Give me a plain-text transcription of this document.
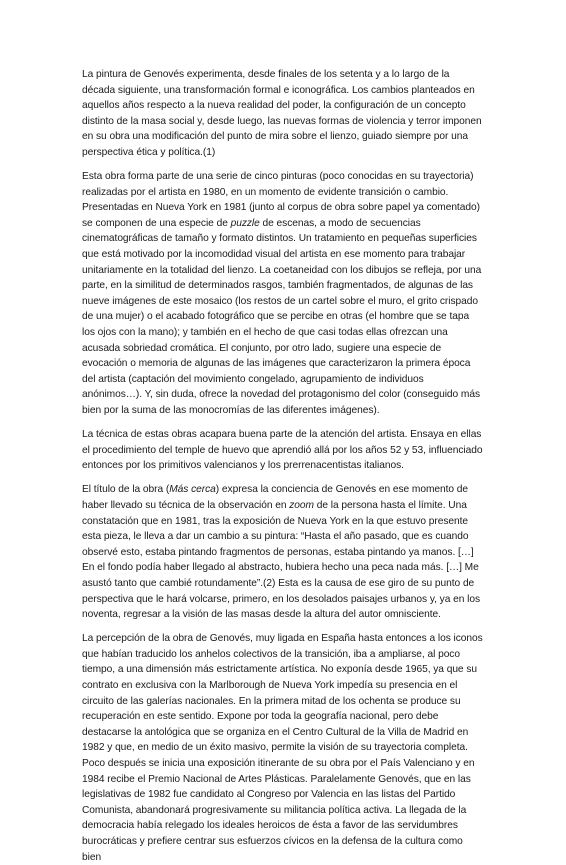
La pintura de Genovés experimenta, desde finales de los setenta y a lo largo de la década siguiente, una transformación formal e iconográfica. Los cambios planteados en aquellos años respecto a la nueva realidad del poder, la configuración de un concepto distinto de la masa social y, desde luego, las nuevas formas de violencia y terror imponen en su obra una modificación del punto de mira sobre el lienzo, guiado siempre por una perspectiva ética y política.(1)

Esta obra forma parte de una serie de cinco pinturas (poco conocidas en su trayectoria) realizadas por el artista en 1980, en un momento de evidente transición o cambio. Presentadas en Nueva York en 1981 (junto al corpus de obra sobre papel ya comentado) se componen de una especie de puzzle de escenas, a modo de secuencias cinematográficas de tamaño y formato distintos. Un tratamiento en pequeñas superficies que está motivado por la incomodidad visual del artista en ese momento para trabajar unitariamente en la totalidad del lienzo. La coetaneidad con los dibujos se refleja, por una parte, en la similitud de determinados rasgos, también fragmentados, de algunas de las nueve imágenes de este mosaico (los restos de un cartel sobre el muro, el grito crispado de una mujer) o el acabado fotográfico que se percibe en otras (el hombre que se tapa los ojos con la mano); y también en el hecho de que casi todas ellas ofrezcan una acusada sobriedad cromática. El conjunto, por otro lado, sugiere una especie de evocación o memoria de algunas de las imágenes que caracterizaron la primera época del artista (captación del movimiento congelado, agrupamiento de individuos anónimos…). Y, sin duda, ofrece la novedad del protagonismo del color (conseguido más bien por la suma de las monocromías de las diferentes imágenes).

La técnica de estas obras acapara buena parte de la atención del artista. Ensaya en ellas el procedimiento del temple de huevo que aprendió allá por los años 52 y 53, influenciado entonces por los primitivos valencianos y los prerrenacentistas italianos.

El título de la obra (Más cerca) expresa la conciencia de Genovés en ese momento de haber llevado su técnica de la observación en zoom de la persona hasta el límite. Una constatación que en 1981, tras la exposición de Nueva York en la que estuvo presente esta pieza, le lleva a dar un cambio a su pintura: “Hasta el año pasado, que es cuando observé esto, estaba pintando fragmentos de personas, estaba pintando ya manos. […] En el fondo podía haber llegado al abstracto, hubiera hecho una peca nada más. […] Me asustó tanto que cambié rotundamente”.(2) Esta es la causa de ese giro de su punto de perspectiva que le hará volcarse, primero, en los desolados paisajes urbanos y, ya en los noventa, regresar a la visión de las masas desde la altura del autor omnisciente.

La percepción de la obra de Genovés, muy ligada en España hasta entonces a los iconos que habían traducido los anhelos colectivos de la transición, iba a ampliarse, al poco tiempo, a una dimensión más estrictamente artística. No exponía desde 1965, ya que su contrato en exclusiva con la Marlborough de Nueva York impedía su presencia en el circuito de las galerías nacionales. En la primera mitad de los ochenta se produce su recuperación en este sentido. Expone por toda la geografía nacional, pero debe destacarse la antológica que se organiza en el Centro Cultural de la Villa de Madrid en 1982 y que, en medio de un éxito masivo, permite la visión de su trayectoria completa. Poco después se inicia una exposición itinerante de su obra por el País Valenciano y en 1984 recibe el Premio Nacional de Artes Plásticas. Paralelamente Genovés, que en las legislativas de 1982 fue candidato al Congreso por Valencia en las listas del Partido Comunista, abandonará progresivamente su militancia política activa. La llegada de la democracia había relegado los ideales heroicos de ésta a favor de las servidumbres burocráticas y prefiere centrar sus esfuerzos cívicos en la defensa de la cultura como bien
